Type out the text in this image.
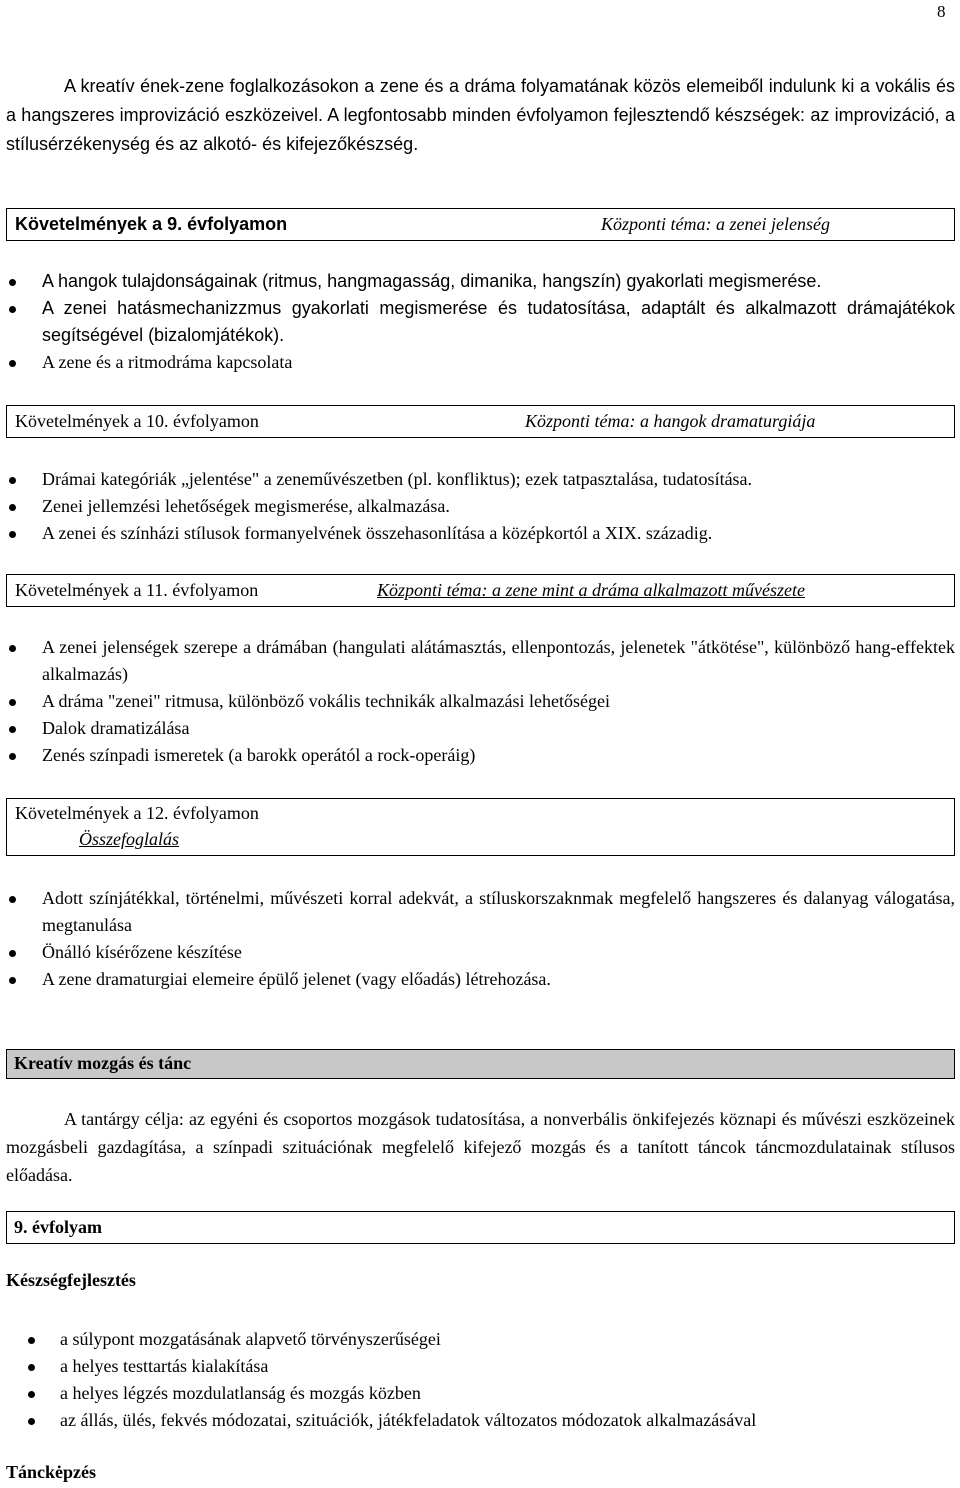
8

A kreatív ének-zene foglalkozásokon a zene és a dráma folyamatának közös elemeiből indulunk ki a vokális és a hangszeres improvizáció eszközeivel. A legfontosabb minden évfolyamon fejlesztendő készségek: az improvizáció, a stílusérzékenység és az alkotó- és kifejezőkészség.

Követelmények a 9. évfolyamon	Központi téma: a zenei jelenség
A hangok tulajdonságainak (ritmus, hangmagasság, dimanika, hangszín) gyakorlati megismerése.
A zenei hatásmechanizzmus gyakorlati megismerése és tudatosítása, adaptált és alkalmazott drámajátékok segítségével (bizalomjátékok).
A zene és a ritmodráma kapcsolata
Követelmények a 10. évfolyamon	Központi téma: a hangok dramaturgiája
Drámai kategóriák „jelentése" a zeneművészetben (pl. konfliktus); ezek tatpasztalása, tudatosítása.
Zenei jellemzési lehetőségek megismerése, alkalmazása.
A zenei és színházi stílusok formanyelvének összehasonlítása a középkortól a XIX. századig.
Követelmények a 11. évfolyamon	Központi téma: a zene mint a dráma alkalmazott művészete
A zenei jelenségek szerepe a drámában (hangulati alátámasztás, ellenpontozás, jelenetek "átkötése", különböző hang-effektek alkalmazás)
A dráma "zenei" ritmusa, különböző vokális technikák alkalmazási lehetőségei
Dalok dramatizálása
Zenés színpadi ismeretek (a barokk operától a rock-operáig)
Követelmények a 12. évfolyamon
Összefoglalás
Adott színjátékkal, történelmi, művészeti korral adekvát, a stíluskorszaknmak megfelelő hangszeres és dalanyag válogatása, megtanulása
Önálló kísérőzene készítése
A zene dramaturgiai elemeire épülő jelenet (vagy előadás) létrehozása.
Kreatív mozgás és tánc

A tantárgy célja: az egyéni és csoportos mozgások tudatosítása, a nonverbális önkifejezés köznapi és művészi eszközeinek mozgásbeli gazdagítása, a színpadi szituációnak megfelelő kifejező mozgás és a tanított táncok táncmozdulatainak stílusos előadása.

9. évfolyam
Készségfejlesztés
a súlypont mozgatásának alapvető törvényszerűségei
a helyes testtartás kialakítása
a helyes légzés mozdulatlanság és mozgás közben
az állás, ülés, fekvés módozatai, szituációk, játékfeladatok változatos módozatok alkalmazásával
Tánckėpzés
